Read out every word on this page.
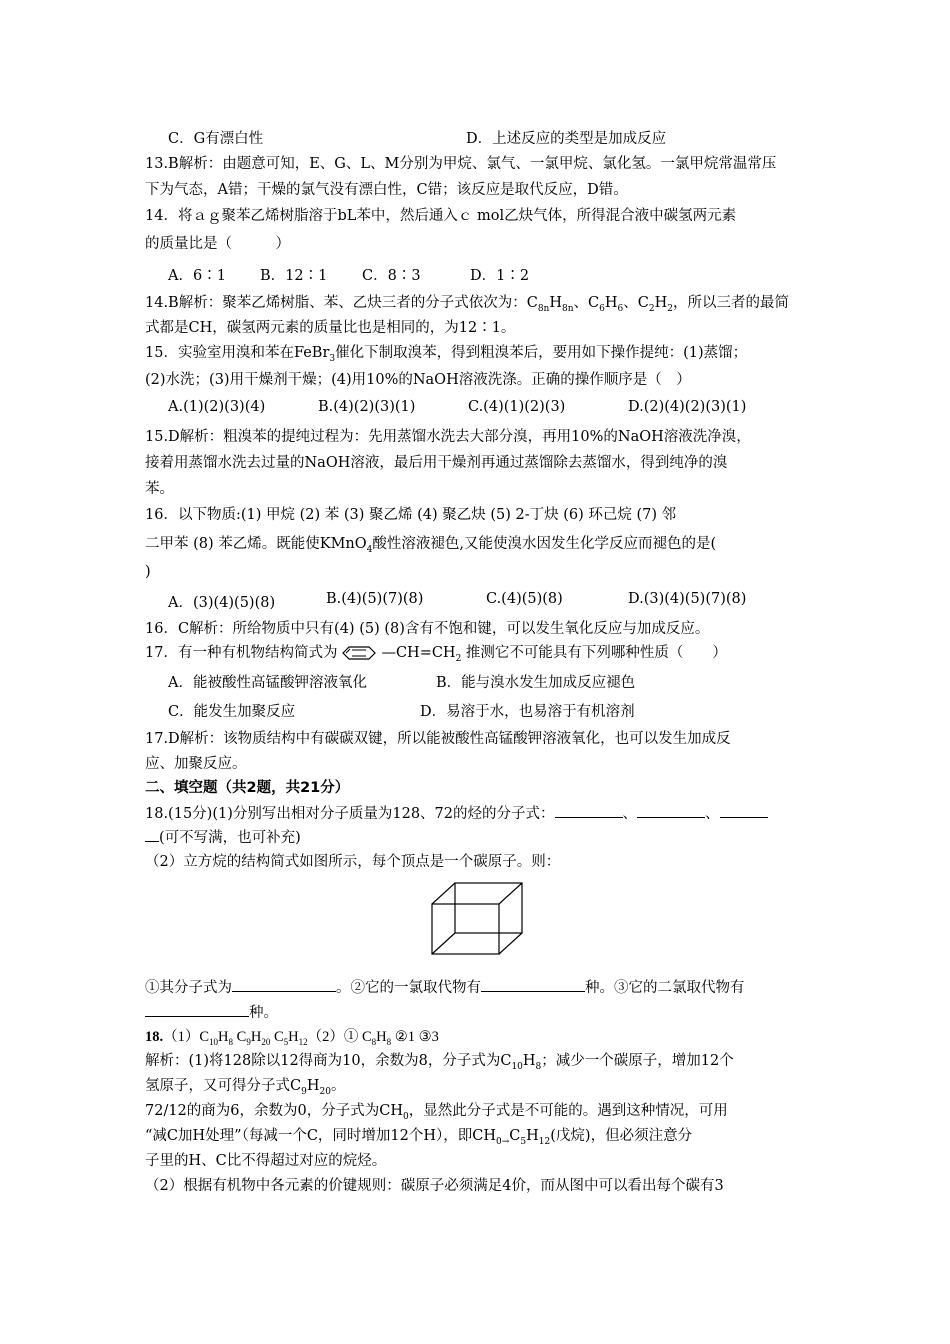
C．G有漂白性	D．上述反应的类型是加成反应
13.B解析：由题意可知，E、G、L、M分别为甲烷、氯气、一氯甲烷、氯化氢。一氯甲烷常温常压
下为气态，A错；干燥的氯气没有漂白性，C错；该反应是取代反应，D错。
14．将ａｇ聚苯乙烯树脂溶于bL苯中，然后通入ｃ mol乙炔气体，所得混合液中碳氢两元素
的质量比是（　　　）
A．6∶1 B．12∶1 C．8∶3	D．1∶2
14.B解析：聚苯乙烯树脂、苯、乙炔三者的分子式依次为：$C_{8n}H_{8n}$、$C_6H_6$、$C_2H_2$，所以三者的最简
式都是CH，碳氢两元素的质量比也是相同的，为12∶1。
15．实验室用溴和苯在FeBr$_3$催化下制取溴苯，得到粗溴苯后，要用如下操作提纯：(1)蒸馏；
(2)水洗；(3)用干燥剂干燥；(4)用10%的NaOH溶液洗涤。正确的操作顺序是（　）
A.(1)(2)(3)(4)	B.(4)(2)(3)(1)	C.(4)(1)(2)(3)	D.(2)(4)(2)(3)(1)
15.D解析：粗溴苯的提纯过程为：先用蒸馏水洗去大部分溴，再用10%的NaOH溶液洗净溴，
接着用蒸馏水洗去过量的NaOH溶液，最后用干燥剂再通过蒸馏除去蒸馏水，得到纯净的溴
苯。
16．以下物质:(1) 甲烷 (2) 苯 (3) 聚乙烯 (4) 聚乙炔 (5) 2-丁炔 (6) 环己烷 (7) 邻
二甲苯 (8) 苯乙烯。既能使KMnO$_4$酸性溶液褪色,又能使溴水因发生化学反应而褪色的是(
)
A．(3)(4)(5)(8)	B.(4)(5)(7)(8)	C.(4)(5)(8)	D.(3)(4)(5)(7)(8)
16．C解析：所给物质中只有(4) (5) (8)含有不饱和键，可以发生氧化反应与加成反应。
17．有一种有机物结构简式为	$—CH=CH_2$ 推测它不可能具有下列哪种性质（　　）
A．能被酸性高锰酸钾溶液氧化	B．能与溴水发生加成反应褪色
C．能发生加聚反应	D．易溶于水，也易溶于有机溶剂
17.D解析：该物质结构中有碳碳双键，所以能被酸性高锰酸钾溶液氧化，也可以发生加成反
应、加聚反应。
二、填空题（共2题，共21分）
18.(15分)(1)分别写出相对分子质量为128、72的烃的分子式：	、	、
(可不写满，也可补充)
（2）立方烷的结构简式如图所示，每个顶点是一个碳原子。则：
①其分子式为	。②它的一氯取代物有	种。③它的二氯取代物有
种。
$18.(1)C_{10}H_8$ $C_9H_{20}$ $C_5H_{12}(2)①$ $C_8H_8$ ②1 ③3
解析：(1)将128除以12得商为10，余数为8，分子式为$C_{10}H_8$；减少一个碳原子，增加12个
氢原子，又可得分子式$C_9H_{20}$。
72/12的商为6，余数为0，分子式为$CH_0$，显然此分子式是不可能的。遇到这种情况，可用
“减C加H处理”（每减一个C，同时增加12个H），即$CH_{0\to}C_5H_{12}$(戊烷)，但必须注意分
子里的H、C比不得超过对应的烷烃。
（2）根据有机物中各元素的价键规则：碳原子必须满足4价，而从图中可以看出每个碳有3
